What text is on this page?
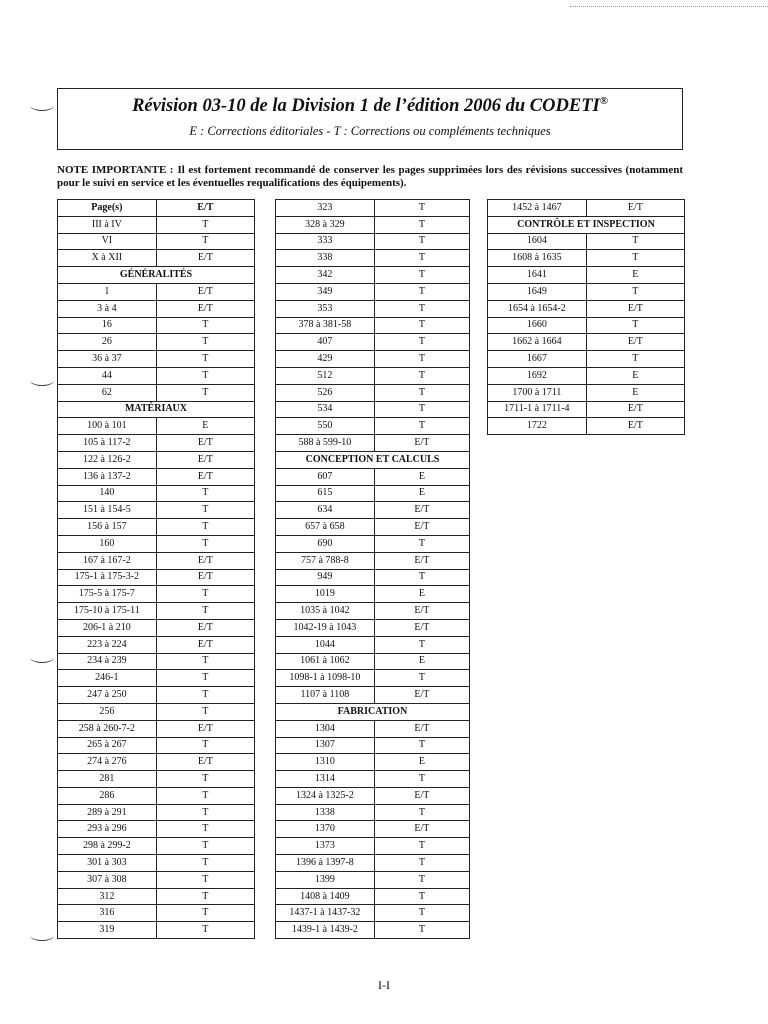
Révision 03-10 de la Division 1 de l’édition 2006 du CODETI®
E : Corrections éditoriales - T : Corrections ou compléments techniques
NOTE IMPORTANTE : Il est fortement recommandé de conserver les pages supprimées lors des révisions successives (notamment pour le suivi en service et les éventuelles requalifications des équipements).
Page(s)	E/T
III à IV	T
VI	T
X à XII	E/T
GÉNÉRALITÉS	
1	E/T
3 à 4	E/T
16	T
26	T
36 à 37	T
44	T
62	T
MATÉRIAUX	
100 à 101	E
105 à 117-2	E/T
122 à 126-2	E/T
136 à 137-2	E/T
140	T
151 à 154-5	T
156 à 157	T
160	T
167 à 167-2	E/T
175-1 à 175-3-2	E/T
175-5 à 175-7	T
175-10 à 175-11	T
206-1 à 210	E/T
223 à 224	E/T
234 à 239	T
246-1	T
247 à 250	T
256	T
258 à 260-7-2	E/T
265 à 267	T
274 à 276	E/T
281	T
286	T
289 à 291	T
293 à 296	T
298 à 299-2	T
301 à 303	T
307 à 308	T
312	T
316	T
319	T
323	T
328 à 329	T
333	T
338	T
342	T
349	T
353	T
378 à 381-58	T
407	T
429	T
512	T
526	T
534	T
550	T
588 à 599-10	E/T
CONCEPTION ET CALCULS	
607	E
615	E
634	E/T
657 à 658	E/T
690	T
757 à 788-8	E/T
949	T
1019	E
1035 à 1042	E/T
1042-19 à 1043	E/T
1044	T
1061 à 1062	E
1098-1 à 1098-10	T
1107 à 1108	E/T
FABRICATION	
1304	E/T
1307	T
1310	E
1314	T
1324 à 1325-2	E/T
1338	T
1370	E/T
1373	T
1396 à 1397-8	T
1399	T
1408 à 1409	T
1437-1 à 1437-32	T
1439-1 à 1439-2	T
1452 à 1467	E/T
CONTRÔLE ET INSPECTION	
1604	T
1608 à 1635	T
1641	E
1649	T
1654 à 1654-2	E/T
1660	T
1662 à 1664	E/T
1667	T
1692	E
1700 à 1711	E
1711-1 à 1711-4	E/T
1722	E/T
I-I
